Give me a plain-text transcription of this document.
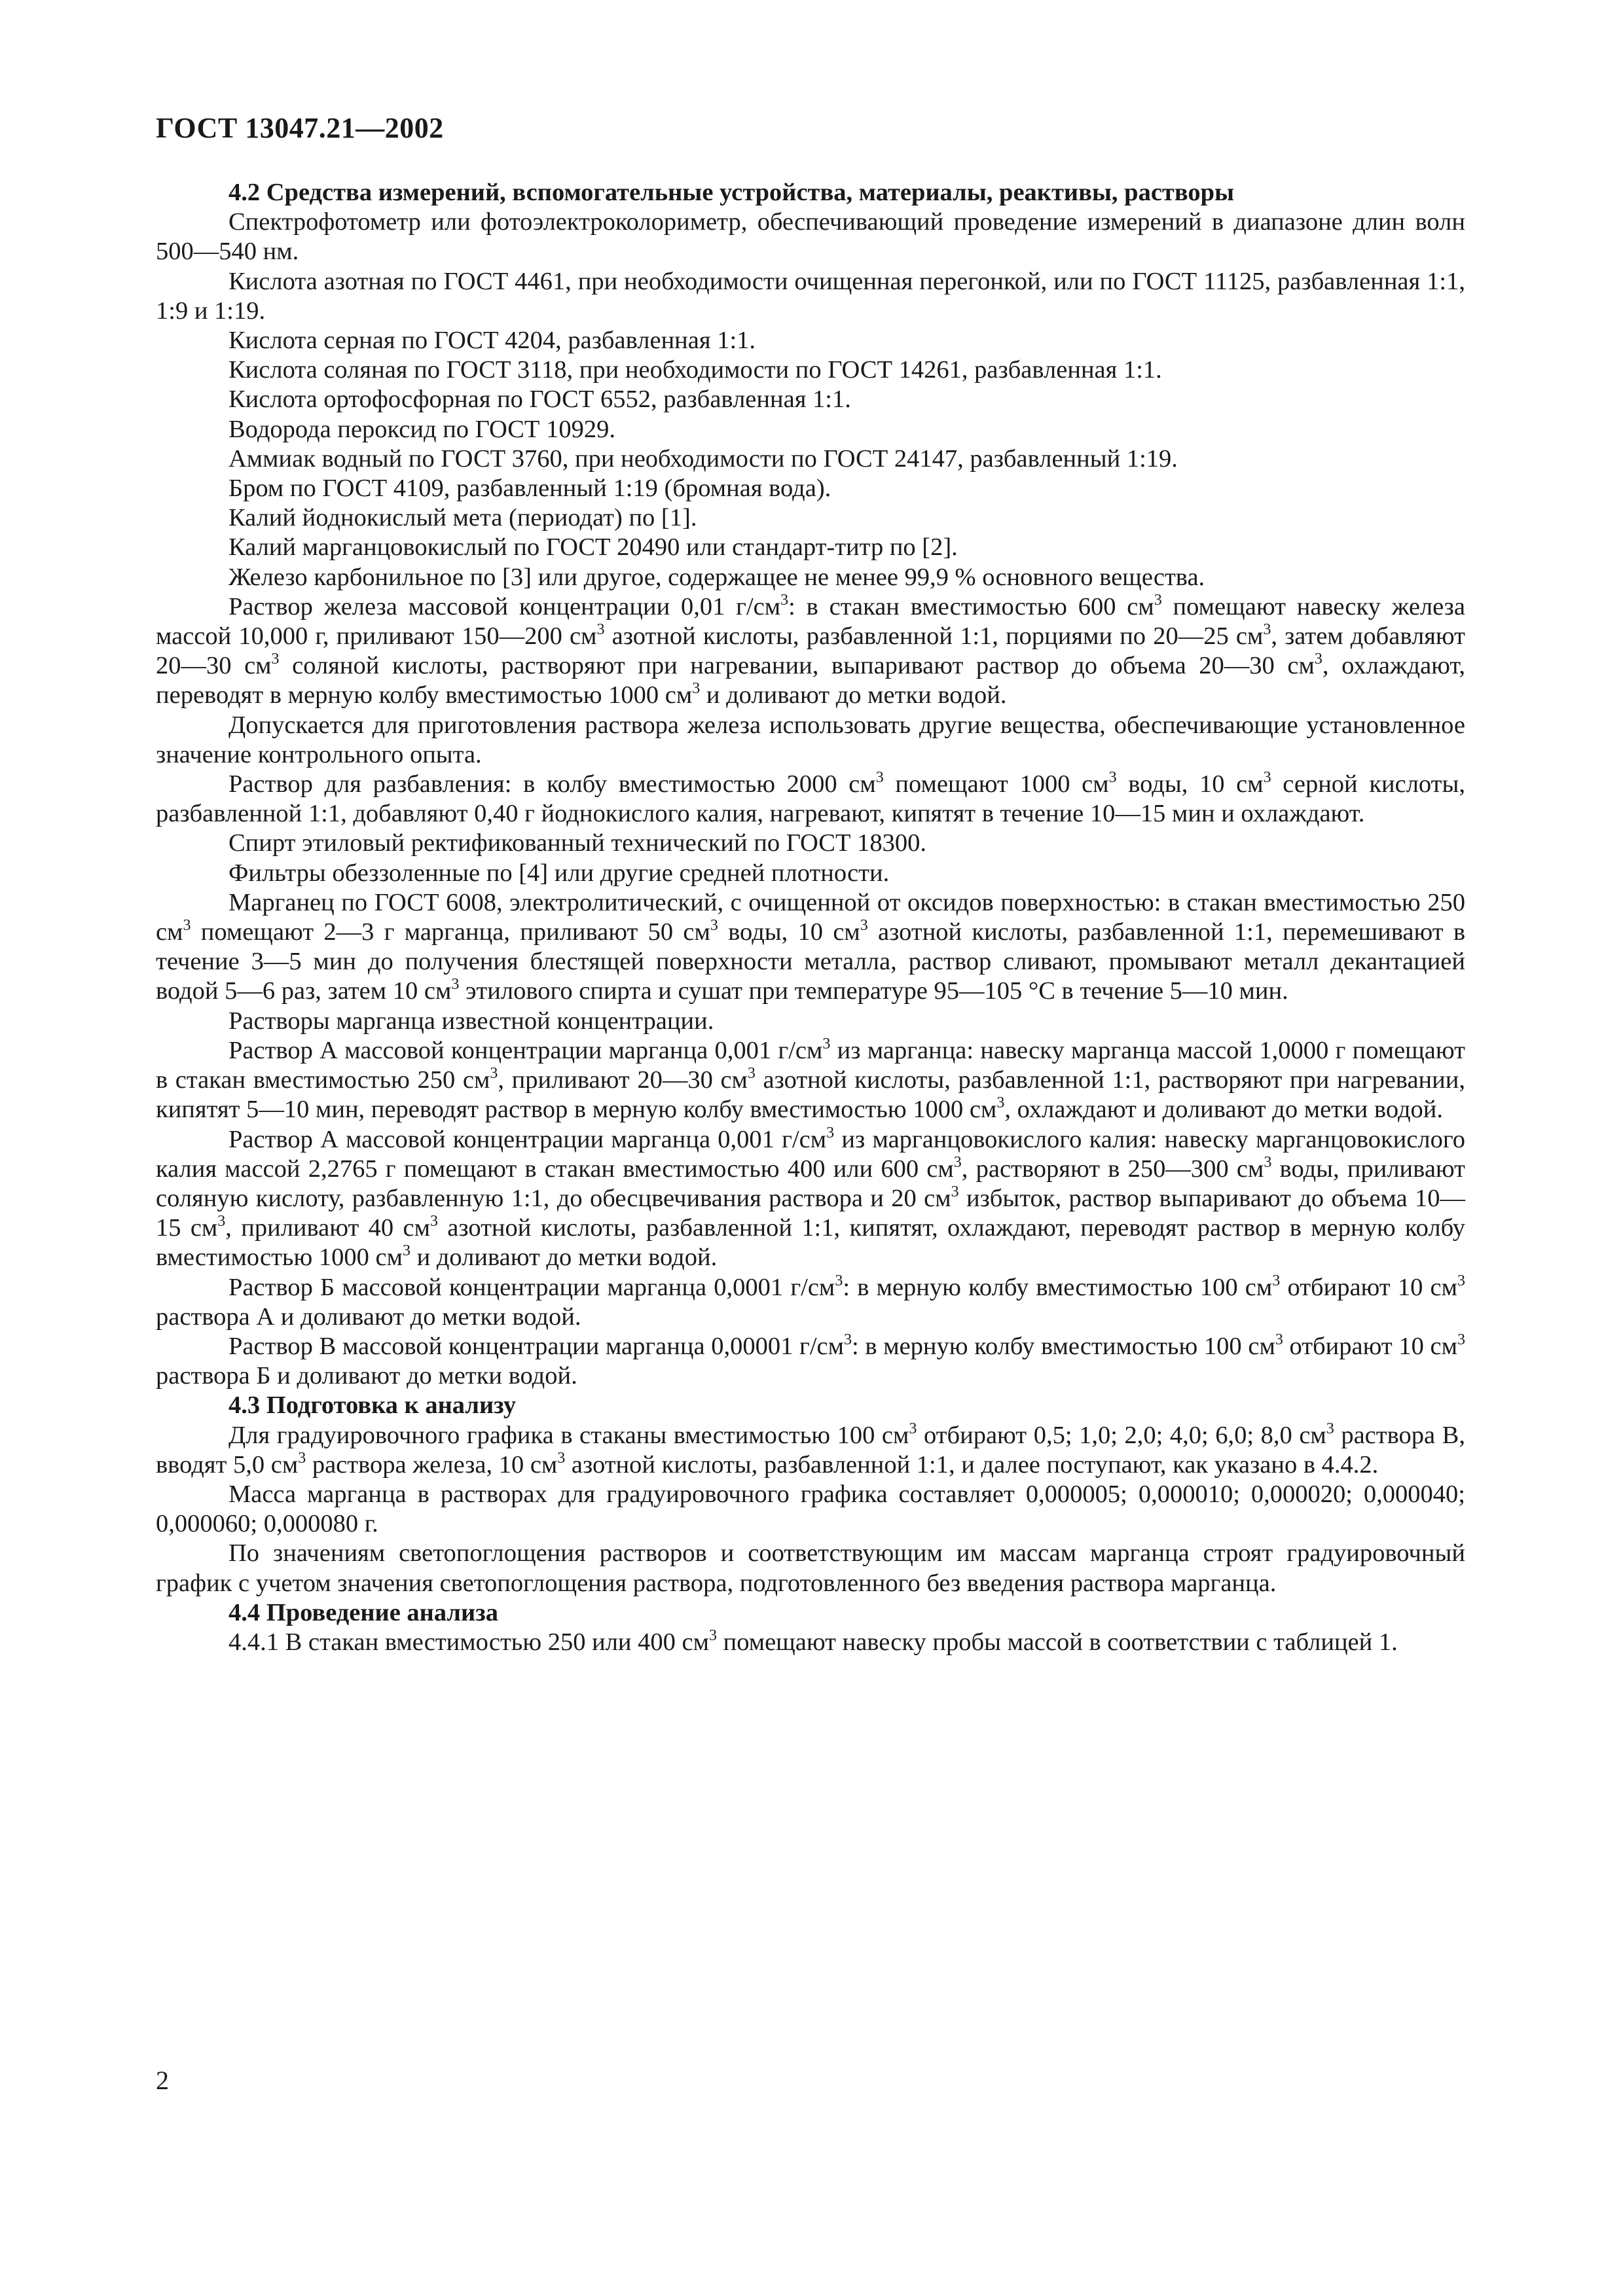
ГОСТ 13047.21—2002

4.2 Средства измерений, вспомогательные устройства, материалы, реактивы, растворы

Спектрофотометр или фотоэлектроколориметр, обеспечивающий проведение измерений в диапазоне длин волн 500—540 нм.

Кислота азотная по ГОСТ 4461, при необходимости очищенная перегонкой, или по ГОСТ 11125, разбавленная 1:1, 1:9 и 1:19.

Кислота серная по ГОСТ 4204, разбавленная 1:1.

Кислота соляная по ГОСТ 3118, при необходимости по ГОСТ 14261, разбавленная 1:1.

Кислота ортофосфорная по ГОСТ 6552, разбавленная 1:1.

Водорода пероксид по ГОСТ 10929.

Аммиак водный по ГОСТ 3760, при необходимости по ГОСТ 24147, разбавленный 1:19.

Бром по ГОСТ 4109, разбавленный 1:19 (бромная вода).

Калий йоднокислый мета (периодат) по [1].

Калий марганцовокислый по ГОСТ 20490 или стандарт-титр по [2].

Железо карбонильное по [3] или другое, содержащее не менее 99,9 % основного вещества.

Раствор железа массовой концентрации 0,01 $г/см^3$: в стакан вместимостью 600 $см^3$ помещают навеску железа массой 10,000 г, приливают 150—200 $см^3$ азотной кислоты, разбавленной 1:1, порциями по 20—25 $см^3$, затем добавляют 20—30 $см^3$ соляной кислоты, растворяют при нагревании, выпаривают раствор до объема 20—30 $см^3$, охлаждают, переводят в мерную колбу вместимостью 1000 $см^3$ и доливают до метки водой.

Допускается для приготовления раствора железа использовать другие вещества, обеспечивающие установленное значение контрольного опыта.

Раствор для разбавления: в колбу вместимостью 2000 $см^3$ помещают 1000 $см^3$ воды, 10 $см^3$ серной кислоты, разбавленной 1:1, добавляют 0,40 г йоднокислого калия, нагревают, кипятят в течение 10—15 мин и охлаждают.

Спирт этиловый ректификованный технический по ГОСТ 18300.

Фильтры обеззоленные по [4] или другие средней плотности.

Марганец по ГОСТ 6008, электролитический, с очищенной от оксидов поверхностью: в стакан вместимостью 250 $см^3$ помещают 2—3 г марганца, приливают 50 $см^3$ воды, 10 $см^3$ азотной кислоты, разбавленной 1:1, перемешивают в течение 3—5 мин до получения блестящей поверхности металла, раствор сливают, промывают металл декантацией водой 5—6 раз, затем 10 $см^3$ этилового спирта и сушат при температуре 95—105 °С в течение 5—10 мин.

Растворы марганца известной концентрации.

Раствор А массовой концентрации марганца 0,001 $г/см^3$ из марганца: навеску марганца массой 1,0000 г помещают в стакан вместимостью 250 $см^3$, приливают 20—30 $см^3$ азотной кислоты, разбавленной 1:1, растворяют при нагревании, кипятят 5—10 мин, переводят раствор в мерную колбу вместимостью 1000 $см^3$, охлаждают и доливают до метки водой.

Раствор А массовой концентрации марганца 0,001 $г/см^3$ из марганцовокислого калия: навеску марганцовокислого калия массой 2,2765 г помещают в стакан вместимостью 400 или 600 $см^3$, растворяют в 250—300 $см^3$ воды, приливают соляную кислоту, разбавленную 1:1, до обесцвечивания раствора и 20 $см^3$ избыток, раствор выпаривают до объема 10—15 $см^3$, приливают 40 $см^3$ азотной кислоты, разбавленной 1:1, кипятят, охлаждают, переводят раствор в мерную колбу вместимостью 1000 $см^3$ и доливают до метки водой.

Раствор Б массовой концентрации марганца 0,0001 $г/см^3$: в мерную колбу вместимостью 100 $см^3$ отбирают 10 $см^3$ раствора А и доливают до метки водой.

Раствор В массовой концентрации марганца 0,00001 $г/см^3$: в мерную колбу вместимостью 100 $см^3$ отбирают 10 $см^3$ раствора Б и доливают до метки водой.

4.3 Подготовка к анализу

Для градуировочного графика в стаканы вместимостью 100 $см^3$ отбирают 0,5; 1,0; 2,0; 4,0; 6,0; 8,0 $см^3$ раствора В, вводят 5,0 $см^3$ раствора железа, 10 $см^3$ азотной кислоты, разбавленной 1:1, и далее поступают, как указано в 4.4.2.

Масса марганца в растворах для градуировочного графика составляет 0,000005; 0,000010; 0,000020; 0,000040; 0,000060; 0,000080 г.

По значениям светопоглощения растворов и соответствующим им массам марганца строят градуировочный график с учетом значения светопоглощения раствора, подготовленного без введения раствора марганца.

4.4 Проведение анализа

4.4.1 В стакан вместимостью 250 или 400 $см^3$ помещают навеску пробы массой в соответствии с таблицей 1.

2
